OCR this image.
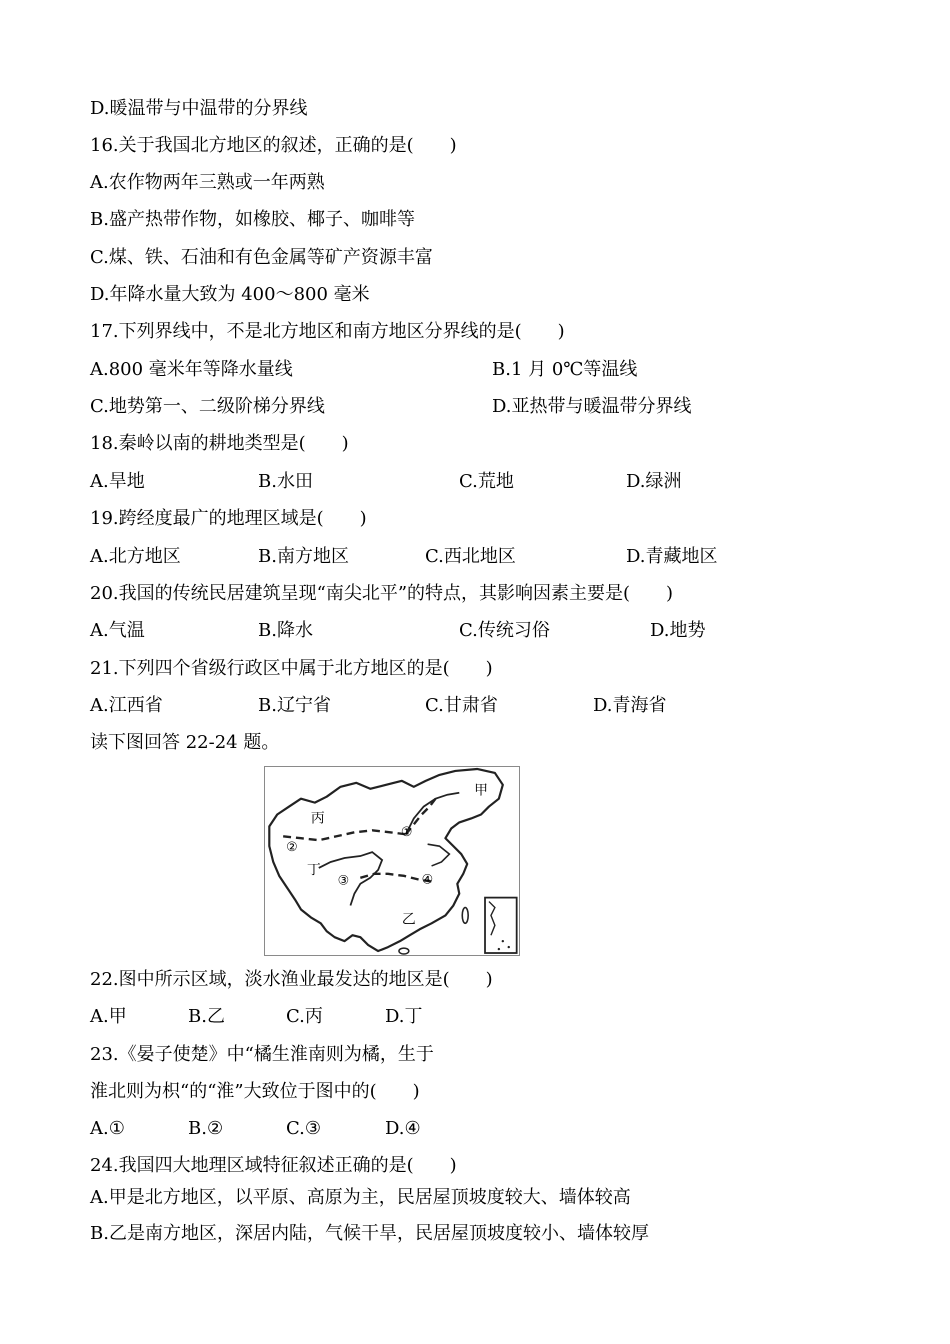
D.暖温带与中温带的分界线
16.关于我国北方地区的叙述，正确的是(　　)
A.农作物两年三熟或一年两熟
B.盛产热带作物，如橡胶、椰子、咖啡等
C.煤、铁、石油和有色金属等矿产资源丰富
D.年降水量大致为 400～800 毫米
17.下列界线中，不是北方地区和南方地区分界线的是(　　)
A.800 毫米年等降水量线	B.1 月 0℃等温线
C.地势第一、二级阶梯分界线	D.亚热带与暖温带分界线
18.秦岭以南的耕地类型是(　　)
A.旱地	B.水田	C.荒地	D.绿洲
19.跨经度最广的地理区域是(　　)
A.北方地区	B.南方地区	C.西北地区	D.青藏地区
20.我国的传统民居建筑呈现“南尖北平”的特点，其影响因素主要是(　　)
A.气温	B.降水	C.传统习俗	D.地势
21.下列四个省级行政区中属于北方地区的是(　　)
A.江西省	B.辽宁省	C.甘肃省	D.青海省
读下图回答 22-24 题。
甲
丙
丁
乙
①
②
③	④
22.图中所示区域，淡水渔业最发达的地区是(　　)
A.甲	B.乙	C.丙	D.丁
23.《晏子使楚》中“橘生淮南则为橘，生于
淮北则为枳“的“淮”大致位于图中的(　　)
A.①	B.②	C.③	D.④
24.我国四大地理区域特征叙述正确的是(　　)
A.甲是北方地区，以平原、高原为主，民居屋顶坡度较大、墙体较高
B.乙是南方地区，深居内陆，气候干旱，民居屋顶坡度较小、墙体较厚
